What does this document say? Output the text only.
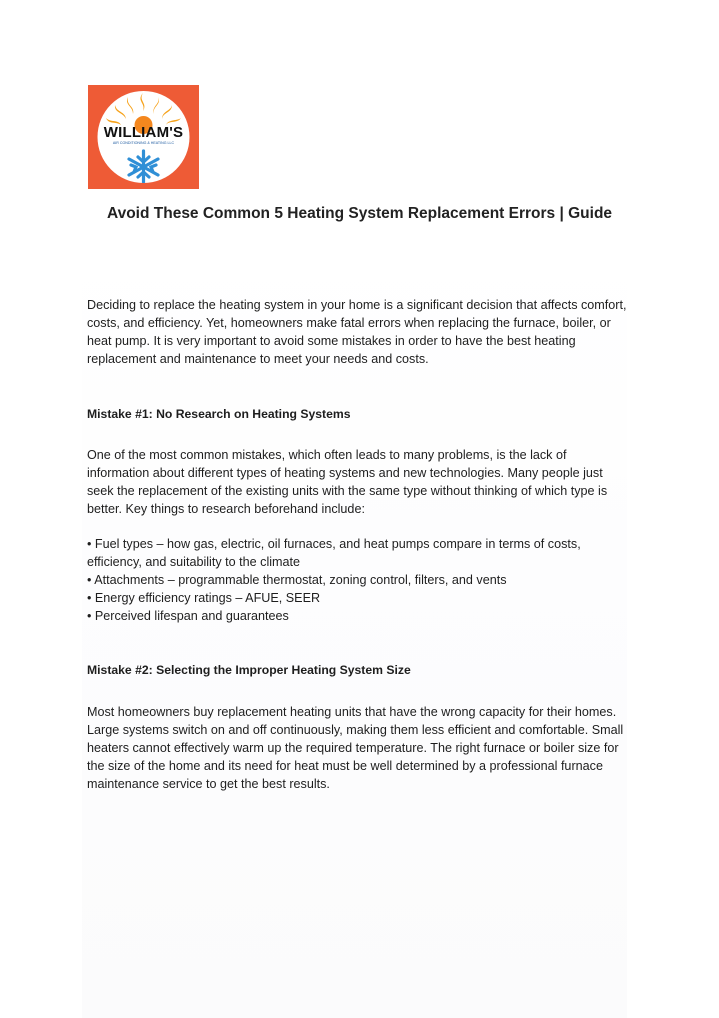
WILLIAM'S
AIR CONDITIONING & HEATING LLC
Avoid These Common 5 Heating System Replacement Errors | Guide

Deciding to replace the heating system in your home is a significant decision that affects comfort, costs, and efficiency. Yet, homeowners make fatal errors when replacing the furnace, boiler, or heat pump. It is very important to avoid some mistakes in order to have the best heating replacement and maintenance to meet your needs and costs.

Mistake #1: No Research on Heating Systems

One of the most common mistakes, which often leads to many problems, is the lack of information about different types of heating systems and new technologies. Many people just seek the replacement of the existing units with the same type without thinking of which type is better. Key things to research beforehand include:

• Fuel types – how gas, electric, oil furnaces, and heat pumps compare in terms of costs, efficiency, and suitability to the climate
• Attachments – programmable thermostat, zoning control, filters, and vents
• Energy efficiency ratings – AFUE, SEER
• Perceived lifespan and guarantees

Mistake #2: Selecting the Improper Heating System Size

Most homeowners buy replacement heating units that have the wrong capacity for their homes. Large systems switch on and off continuously, making them less efficient and comfortable. Small heaters cannot effectively warm up the required temperature. The right furnace or boiler size for the size of the home and its need for heat must be well determined by a professional furnace maintenance service to get the best results.
